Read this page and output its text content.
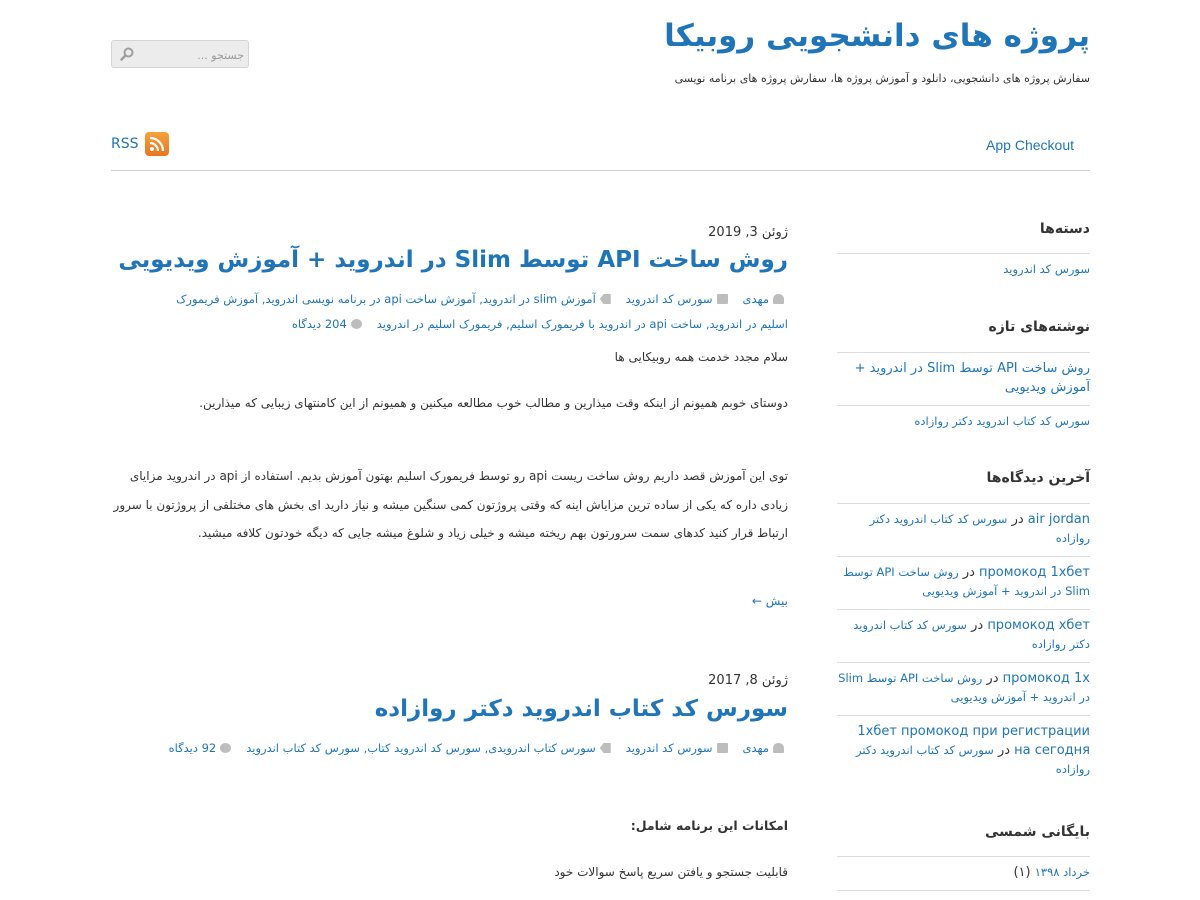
پروژه های دانشجویی روبیکا
سفارش پروژه های دانشجویی، دانلود و آموزش پروژه ها، سفارش پروژه های برنامه نویسی
جستجو ...
RSS	App Checkout
ژوئن 3, 2019
روش ساخت API توسط Slim در اندروید + آموزش ویدیویی
مهدی   سورس کد اندروید   آموزش slim در اندروید, آموزش ساخت api در برنامه نویسی اندروید, آموزش فریمورک
اسلیم در اندروید, ساخت api در اندروید با فریمورک اسلیم, فریمورک اسلیم در اندروید   204 دیدگاه
سلام مجدد خدمت همه روبیکایی ها
دوستای خوبم همیونم از اینکه وقت میذارین و مطالب خوب مطالعه میکنین و همیونم از این کامنتهای زیبایی که میذارین.
توی این آموزش قصد داریم روش ساخت ریست api رو توسط فریمورک اسلیم بهتون آموزش بدیم. استفاده از api در اندروید مزایای زیادی داره که یکی از ساده ترین مزایاش اینه که وقتی پروژتون کمی سنگین میشه و نیاز دارید ای بخش های مختلفی از پروژتون با سرور ارتباط قرار کنید کدهای سمت سرورتون بهم ریخته میشه و خیلی زیاد و شلوغ میشه جایی که دیگه خودتون کلافه میشید.
بیش ←
ژوئن 8, 2017
سورس کد کتاب اندروید دکتر روازاده
مهدی   سورس کد اندروید   سورس کتاب اندرویدی, سورس کد اندروید کتاب, سورس کد کتاب اندروید   92 دیدگاه
امکانات این برنامه شامل:
قابلیت جستجو و یافتن سریع پاسخ سوالات خود
دسته‌ها
سورس کد اندروید
نوشته‌های تازه
روش ساخت API توسط Slim در اندروید + آموزش ویدیویی
سورس کد کتاب اندروید دکتر روازاده
آخرین دیدگاه‌ها
air jordan در سورس کد کتاب اندروید دکتر روازاده
промокод 1хбет در روش ساخت API توسط Slim در اندروید + آموزش ویدیویی
промокод хбет در سورس کد کتاب اندروید دکتر روازاده
промокод 1x در روش ساخت API توسط Slim در اندروید + آموزش ویدیویی
1хбет промокод при регистрации на сегодня در سورس کد کتاب اندروید دکتر روازاده
بایگانی شمسی
خرداد ۱۳۹۸ (۱)
